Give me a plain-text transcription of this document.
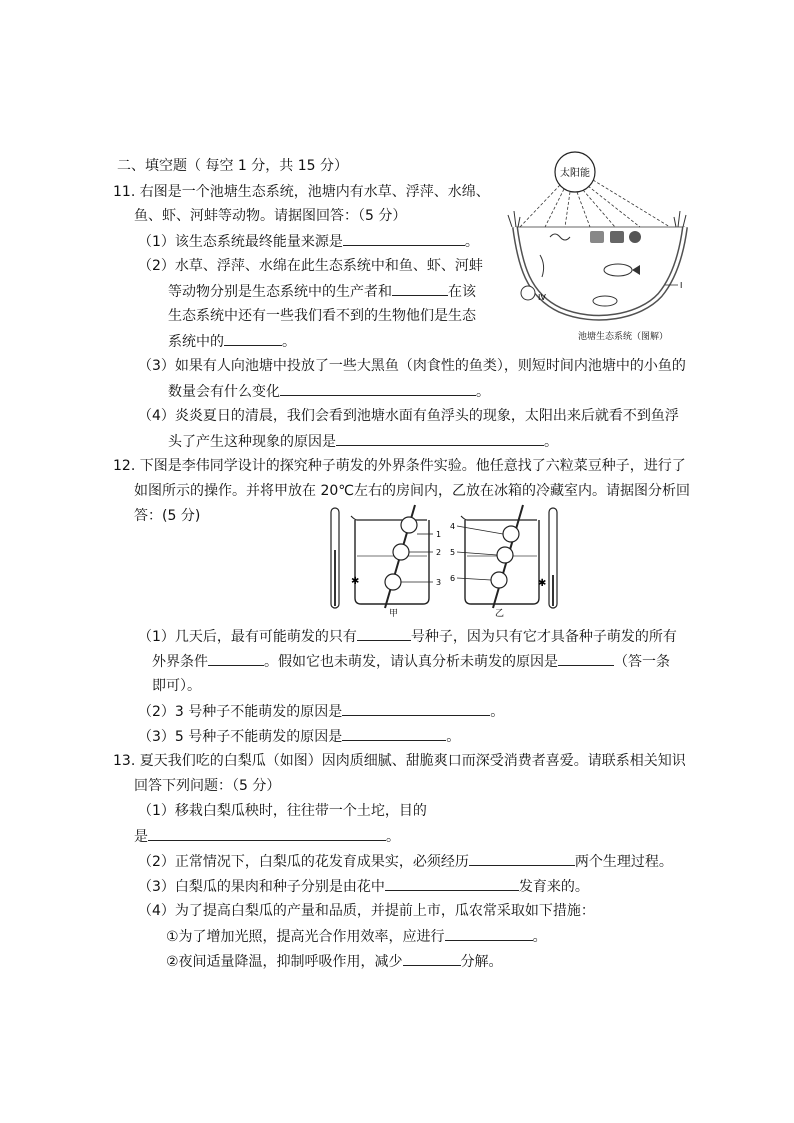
二、填空题（ 每空 1 分，共 15 分）
11. 右图是一个池塘生态系统，池塘内有水草、浮萍、水绵、
鱼、虾、河蚌等动物。请据图回答：（5 分）
（1）该生态系统最终能量来源是	。
（2）水草、浮萍、水绵在此生态系统中和鱼、虾、河蚌
等动物分别是生态系统中的生产者和	在该
生态系统中还有一些我们看不到的生物他们是生态
系统中的	。
（3）如果有人向池塘中投放了一些大黑鱼（肉食性的鱼类），则短时间内池塘中的小鱼的
数量会有什么变化	。
（4）炎炎夏日的清晨，我们会看到池塘水面有鱼浮头的现象，太阳出来后就看不到鱼浮
头了产生这种现象的原因是	。
太阳能
IV
I
池塘生态系统（图解）
12. 下图是李伟同学设计的探究种子萌发的外界条件实验。他任意找了六粒菜豆种子，进行了
如图所示的操作。并将甲放在 20℃左右的房间内，乙放在冰箱的冷藏室内。请据图分析回
答：(5 分)
1
2
3
✱
甲
4
5
6	✱
乙
（1）几天后，最有可能萌发的只有	号种子，因为只有它才具备种子萌发的所有
外界条件	。假如它也未萌发，请认真分析未萌发的原因是	（答一条
即可）。
（2）3 号种子不能萌发的原因是	。
（3）5 号种子不能萌发的原因是	。
13. 夏天我们吃的白梨瓜（如图）因肉质细腻、甜脆爽口而深受消费者喜爱。请联系相关知识
回答下列问题：（5 分）
（1）移栽白梨瓜秧时，往往带一个土坨，目的
是	。
（2）正常情况下，白梨瓜的花发育成果实，必须经历	两个生理过程。
（3）白梨瓜的果肉和种子分别是由花中	发育来的。
（4）为了提高白梨瓜的产量和品质，并提前上市，瓜农常采取如下措施：
①为了增加光照，提高光合作用效率，应进行	。
②夜间适量降温，抑制呼吸作用，减少	分解。
